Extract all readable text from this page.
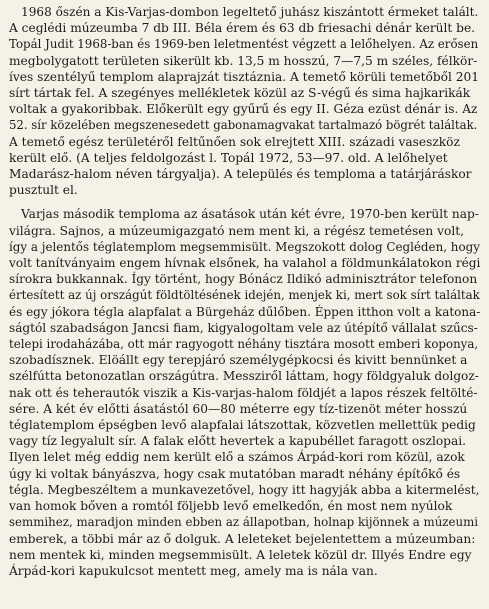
1968 őszén a Kis-Varjas-dombon legeltető juhász kiszántott érmeket talált.
A ceglédi múzeumba 7 db III. Béla érem és 63 db friesachi dénár került be.
Topál Judit 1968-ban és 1969-ben leletmentést végzett a lelőhelyen. Az erősen
megbolygatott területen sikerült kb. 13,5 m hosszú, 7—7,5 m széles, félkör-
íves szentélyű templom alaprajzát tisztáznia. A temető körüli temetőből 201
sírt tártak fel. A szegényes mellékletek közül az S-végű és sima hajkarikák
voltak a gyakoribbak. Előkerült egy gyűrű és egy II. Géza ezüst dénár is. Az
52. sír közelében megszenesedett gabonamagvakat tartalmazó bögrét találtak.
A temető egész területéről feltűnően sok elrejtett XIII. századi vaseszköz
került elő. (A teljes feldolgozást l. Topál 1972, 53—97. old. A lelőhelyet
Madarász-halom néven tárgyalja). A település és temploma a tatárjáráskor
pusztult el.
Varjas második temploma az ásatások után két évre, 1970-ben került nap-
világra. Sajnos, a múzeumigazgató nem ment ki, a régész temetésen volt,
így a jelentős téglatemplom megsemmisült. Megszokott dolog Cegléden, hogy
volt tanítványaim engem hívnak elsőnek, ha valahol a földmunkálatokon régi
sírokra bukkannak. Így történt, hogy Bónácz Ildikó adminisztrátor telefonon
értesített az új országút földtöltésének idején, menjek ki, mert sok sírt találtak
és egy jókora tégla alapfalat a Bürgeház dűlőben. Éppen itthon volt a katona-
ságtól szabadságon Jancsi fiam, kigyalogoltam vele az útépítő vállalat szűcs-
telepi irodaházába, ott már ragyogott néhány tisztára mosott emberi koponya,
szobadísznek. Elöállt egy terepjáró személygépkocsi és kivitt bennünket a
szélfútta betonozatlan országútra. Messziről láttam, hogy földgyaluk dolgoz-
nak ott és teherautók viszik a Kis-varjas-halom földjét a lapos részek feltölté-
sére. A két év előtti ásatástól 60—80 méterre egy tíz-tizenöt méter hosszú
téglatemplom épségben levő alapfalai látszottak, közvetlen mellettük pedig
vagy tíz legyalult sír. A falak előtt hevertek a kapubéllet faragott oszlopai.
Ilyen lelet még eddig nem került elő a számos Árpád-kori rom közül, azok
úgy ki voltak bányászva, hogy csak mutatóban maradt néhány építőkő és
tégla. Megbeszéltem a munkavezetővel, hogy itt hagyják abba a kitermelést,
van homok bőven a romtól följebb levő emelkedőn, én most nem nyúlok
semmihez, maradjon minden ebben az állapotban, holnap kijönnek a múzeumi
emberek, a többi már az ő dolguk. A leleteket bejelentettem a múzeumban:
nem mentek ki, minden megsemmisült. A leletek közül dr. Illyés Endre egy
Árpád-kori kapukulcsot mentett meg, amely ma is nála van.
